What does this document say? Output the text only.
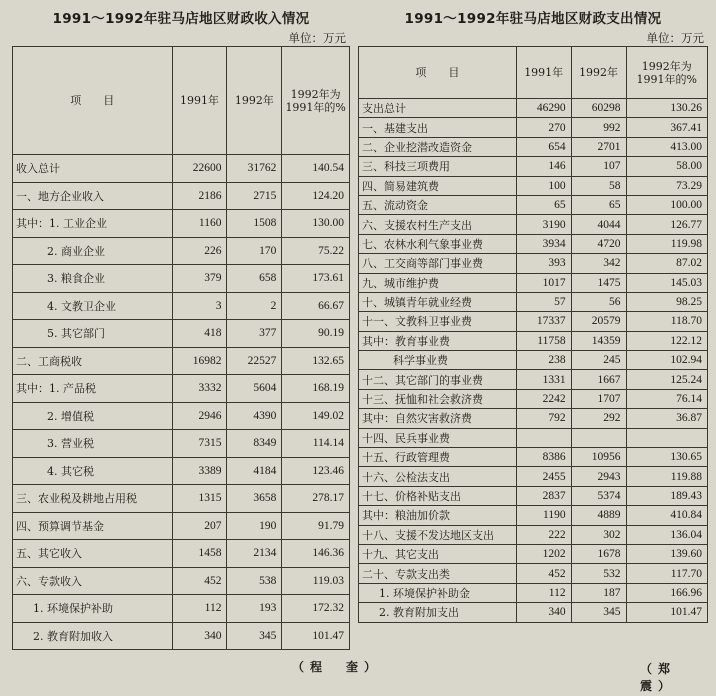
1991～1992年驻马店地区财政收入情况
单位：万元
项　　目	1991年	1992年	1992年为1991年的%
收入总计	22600	31762	140.54
一、地方企业收入	2186	2715	124.20
其中：1. 工业企业	1160	1508	130.00
2. 商业企业	226	170	75.22
3. 粮食企业	379	658	173.61
4. 文教卫企业	3	2	66.67
5. 其它部门	418	377	90.19
二、工商税收	16982	22527	132.65
其中：1. 产品税	3332	5604	168.19
2. 增值税	2946	4390	149.02
3. 营业税	7315	8349	114.14
4. 其它税	3389	4184	123.46
三、农业税及耕地占用税	1315	3658	278.17
四、预算调节基金	207	190	91.79
五、其它收入	1458	2134	146.36
六、专款收入	452	538	119.03
1. 环境保护补助	112	193	172.32
2. 教育附加收入	340	345	101.47
1991～1992年驻马店地区财政支出情况
单位：万元
项　　目	1991年	1992年	1992年为1991年的%
支出总计	46290	60298	130.26
一、基建支出	270	992	367.41
二、企业挖潜改造资金	654	2701	413.00
三、科技三项费用	146	107	58.00
四、简易建筑费	100	58	73.29
五、流动资金	65	65	100.00
六、支援农村生产支出	3190	4044	126.77
七、农林水利气象事业费	3934	4720	119.98
八、工交商等部门事业费	393	342	87.02
九、城市维护费	1017	1475	145.03
十、城镇青年就业经费	57	56	98.25
十一、文教科卫事业费	17337	20579	118.70
其中：教育事业费	11758	14359	122.12
科学事业费	238	245	102.94
十二、其它部门的事业费	1331	1667	125.24
十三、抚恤和社会救济费	2242	1707	76.14
其中：自然灾害救济费	792	292	36.87
十四、民兵事业费			
十五、行政管理费	8386	10956	130.65
十六、公检法支出	2455	2943	119.88
十七、价格补贴支出	2837	5374	189.43
其中：粮油加价款	1190	4889	410.84
十八、支援不发达地区支出	222	302	136.04
十九、其它支出	1202	1678	139.60
二十、专款支出类	452	532	117.70
1. 环境保护补助金	112	187	166.96
2. 教育附加支出	340	345	101.47
（程　奎）	（郑　震）
